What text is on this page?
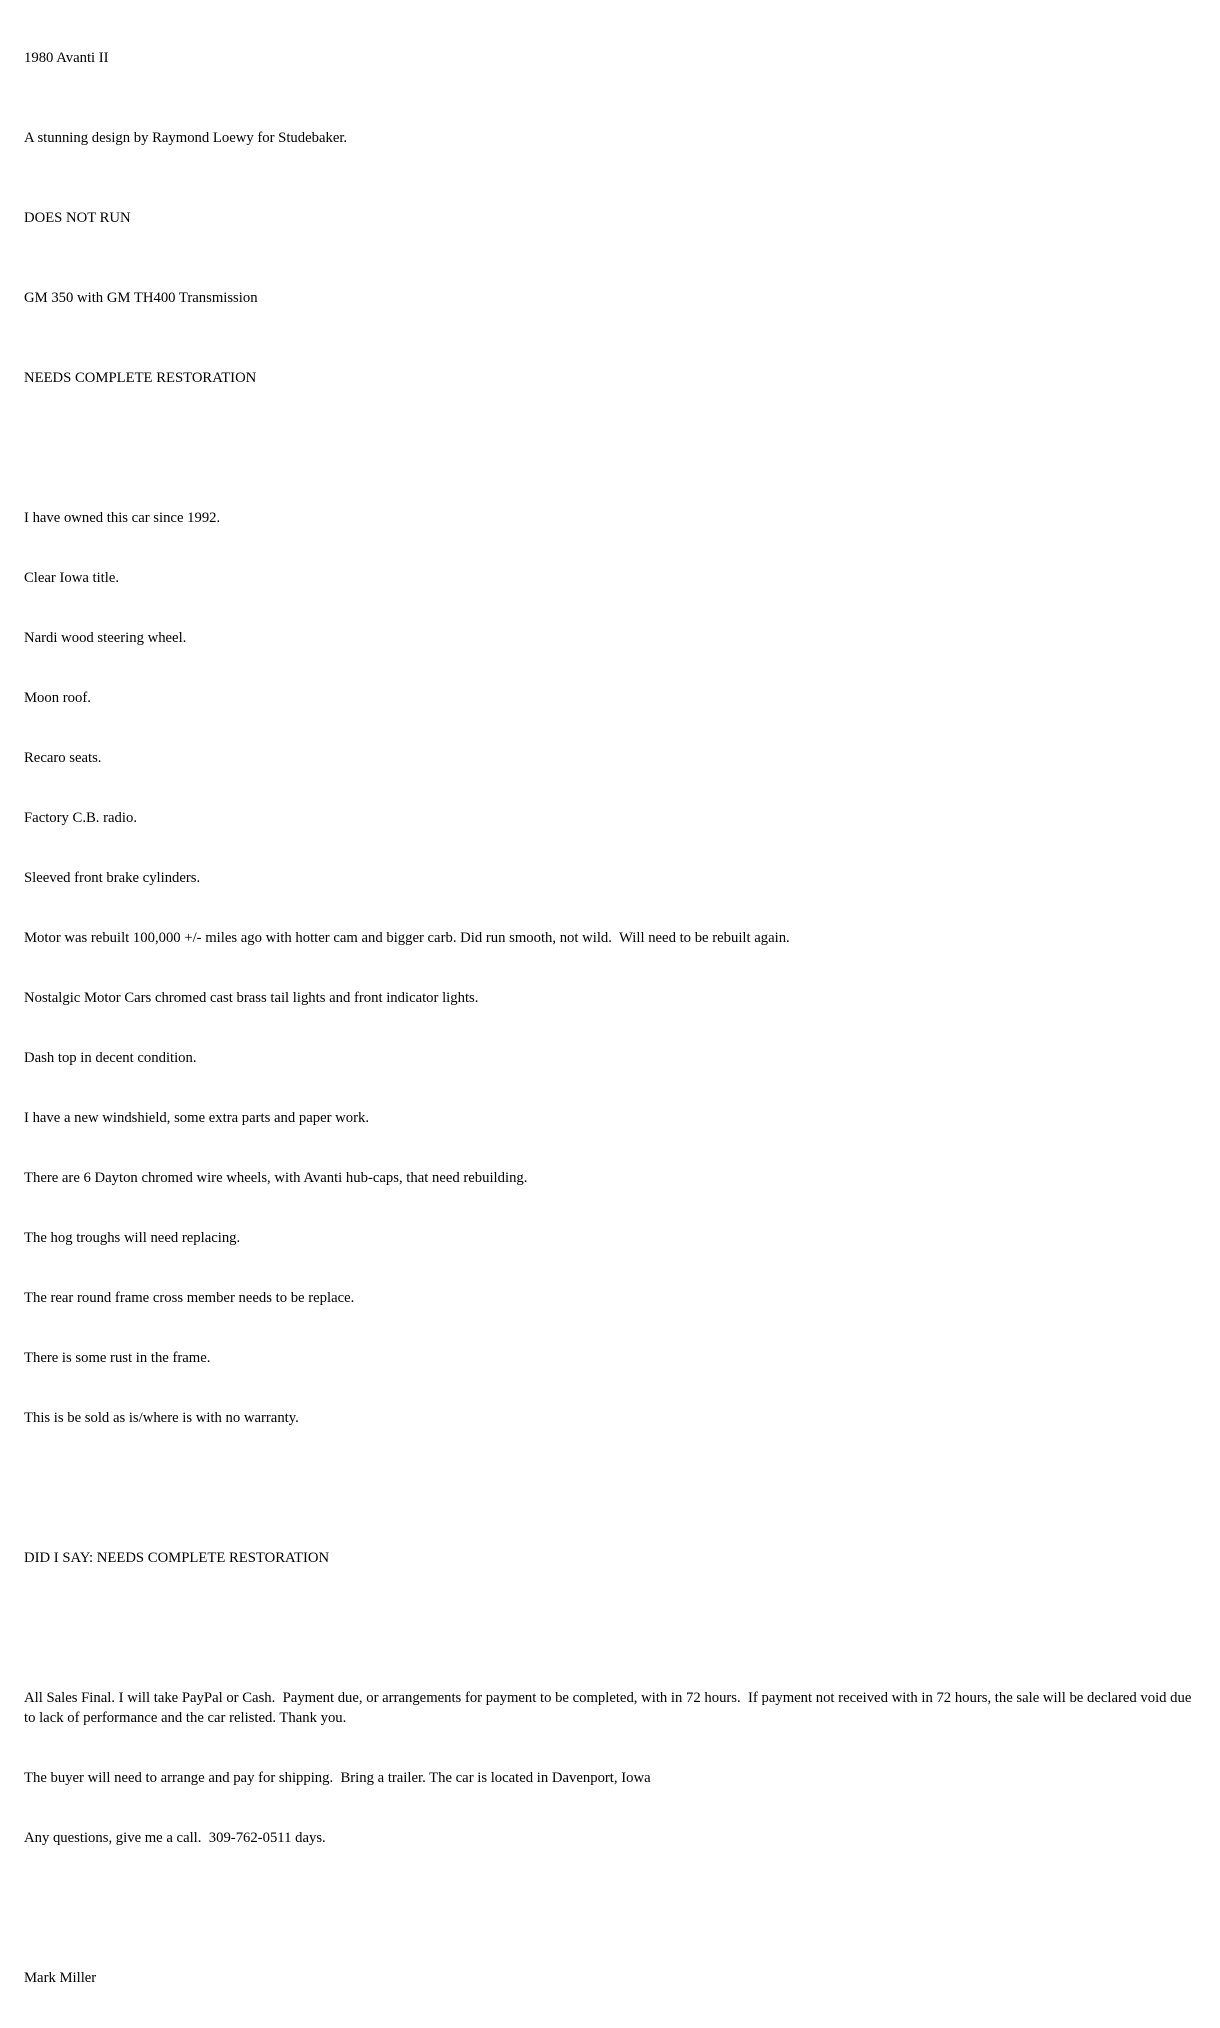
1980 Avanti II

A stunning design by Raymond Loewy for Studebaker.

DOES NOT RUN

GM 350 with GM TH400 Transmission

NEEDS COMPLETE RESTORATION

I have owned this car since 1992.

Clear Iowa title.

Nardi wood steering wheel.

Moon roof.

Recaro seats.

Factory C.B. radio.

Sleeved front brake cylinders.

Motor was rebuilt 100,000 +/- miles ago with hotter cam and bigger carb. Did run smooth, not wild.  Will need to be rebuilt again.

Nostalgic Motor Cars chromed cast brass tail lights and front indicator lights.

Dash top in decent condition.

I have a new windshield, some extra parts and paper work.

There are 6 Dayton chromed wire wheels, with Avanti hub-caps, that need rebuilding.

The hog troughs will need replacing.

The rear round frame cross member needs to be replace.

There is some rust in the frame.

This is be sold as is/where is with no warranty.

DID I SAY: NEEDS COMPLETE RESTORATION

All Sales Final. I will take PayPal or Cash.  Payment due, or arrangements for payment to be completed, with in 72 hours.  If payment not received with in 72 hours, the sale will be declared void due to lack of performance and the car relisted. Thank you.

The buyer will need to arrange and pay for shipping.  Bring a trailer. The car is located in Davenport, Iowa

Any questions, give me a call.  309-762-0511 days.

Mark Miller
